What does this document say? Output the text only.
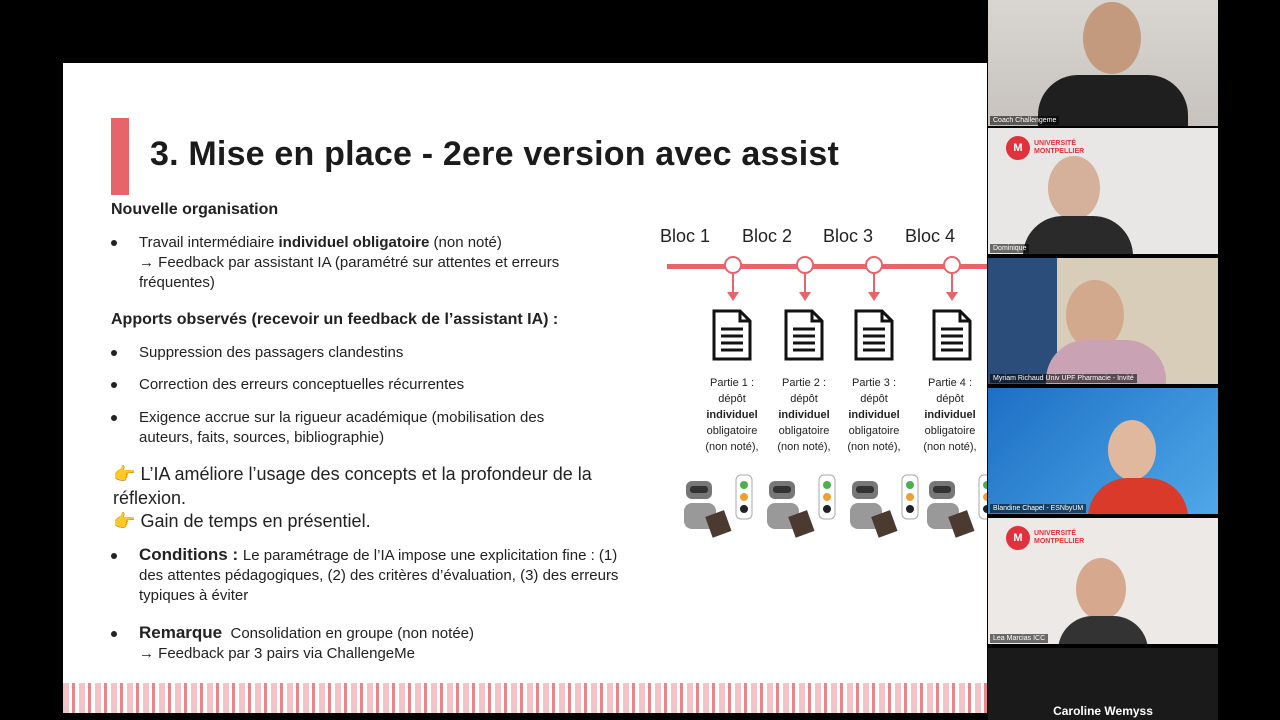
3. Mise en place - 2ere version avec assist
Nouvelle organisation
Travail intermédiaire individuel obligatoire (non noté)
→ Feedback par assistant IA (paramétré sur attentes et erreurs fréquentes)
Apports observés (recevoir un feedback de l’assistant IA) :
Suppression des passagers clandestins
Correction des erreurs conceptuelles récurrentes
Exigence accrue sur la rigueur académique (mobilisation des auteurs, faits, sources, bibliographie)
👉 L’IA améliore l’usage des concepts et la profondeur de la réflexion.
👉 Gain de temps en présentiel.
Conditions : Le paramétrage de l’IA impose une explicitation fine : (1) des attentes pédagogiques, (2) des critères d’évaluation, (3) des erreurs typiques à éviter
Remarque Consolidation en groupe (non notée)
→ Feedback par 3 pairs via ChallengeMe
Bloc 1 Bloc 2 Bloc 3 Bloc 4
Partie 1 :
dépôt
individuel
obligatoire
(non noté),
Partie 2 :
dépôt
individuel
obligatoire
(non noté),
Partie 3 :
dépôt
individuel
obligatoire
(non noté),
Partie 4 :
dépôt
individuel
obligatoire
(non noté),
Coach Challengeme
M	UNIVERSITÉ
MONTPELLIER
Dominique
Myriam Richaud Univ UPF Pharmacie - Invité
Blandine Chapel - ESNbyUM
M	UNIVERSITÉ
MONTPELLIER
Lea Marcias ICC
Caroline Wemyss
